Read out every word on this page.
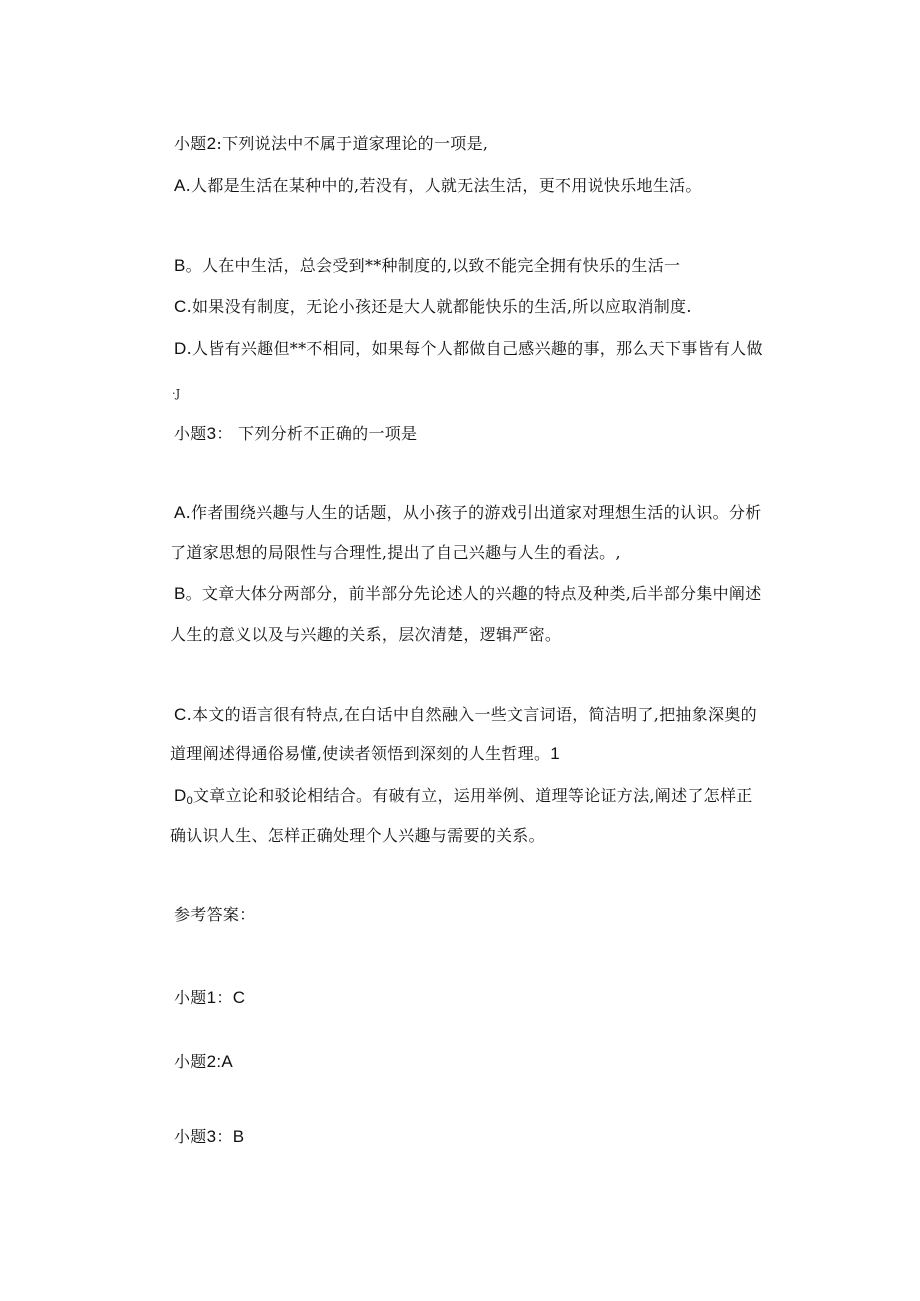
小题2:下列说法中不属于道家理论的一项是,
A.人都是生活在某种中的,若没有，人就无法生活，更不用说快乐地生活。
B。人在中生活，总会受到**种制度的,以致不能完全拥有快乐的生活一
C.如果没有制度，无论小孩还是大人就都能快乐的生活,所以应取消制度.
D.人皆有兴趣但**不相同，如果每个人都做自己感兴趣的事，那么天下事皆有人做
·J
小题3： 下列分析不正确的一项是
A.作者围绕兴趣与人生的话题，从小孩子的游戏引出道家对理想生活的认识。分析
了道家思想的局限性与合理性,提出了自己兴趣与人生的看法。,
B。文章大体分两部分，前半部分先论述人的兴趣的特点及种类,后半部分集中阐述
人生的意义以及与兴趣的关系，层次清楚，逻辑严密。
C.本文的语言很有特点,在白话中自然融入一些文言词语，简洁明了,把抽象深奥的
道理阐述得通俗易懂,使读者领悟到深刻的人生哲理。1
$D_0$文章立论和驳论相结合。有破有立，运用举例、道理等论证方法,阐述了怎样正
确认识人生、怎样正确处理个人兴趣与需要的关系。
参考答案：
小题1：C
小题2:A
小题3：B
